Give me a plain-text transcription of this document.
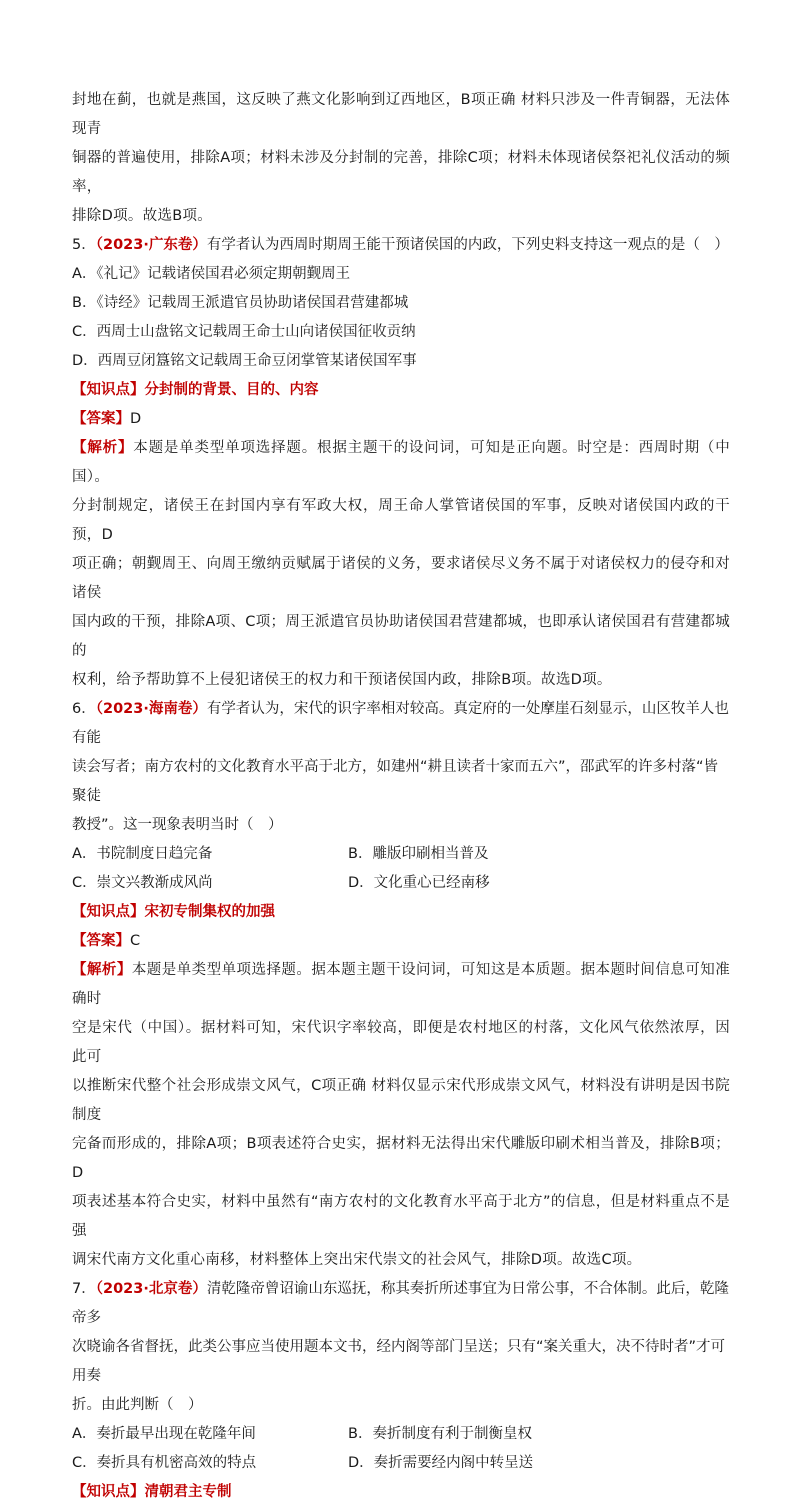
封地在蓟，也就是燕国，这反映了燕文化影响到辽西地区，B项正确 材料只涉及一件青铜器，无法体现青

铜器的普遍使用，排除A项；材料未涉及分封制的完善，排除C项；材料未体现诸侯祭祀礼仪活动的频率，

排除D项。故选B项。

5．（2023·广东卷）有学者认为西周时期周王能干预诸侯国的内政，下列史料支持这一观点的是（　）

A．《礼记》记载诸侯国君必须定期朝觐周王

B．《诗经》记载周王派遣官员协助诸侯国君营建都城

C．西周士山盘铭文记载周王命士山向诸侯国征收贡纳

D．西周豆闭簋铭文记载周王命豆闭掌管某诸侯国军事

【知识点】分封制的背景、目的、内容

【答案】D

【解析】本题是单类型单项选择题。根据主题干的设问词，可知是正向题。时空是：西周时期（中国）。

分封制规定，诸侯王在封国内享有军政大权，周王命人掌管诸侯国的军事，反映对诸侯国内政的干预，D

项正确；朝觐周王、向周王缴纳贡赋属于诸侯的义务，要求诸侯尽义务不属于对诸侯权力的侵夺和对诸侯

国内政的干预，排除A项、C项；周王派遣官员协助诸侯国君营建都城，也即承认诸侯国君有营建都城的

权利，给予帮助算不上侵犯诸侯王的权力和干预诸侯国内政，排除B项。故选D项。

6．（2023·海南卷）有学者认为，宋代的识字率相对较高。真定府的一处摩崖石刻显示，山区牧羊人也有能

读会写者；南方农村的文化教育水平高于北方，如建州“耕且读者十家而五六”，邵武军的许多村落“皆聚徒

教授”。这一现象表明当时（　）

A．书院制度日趋完备	B．雕版印刷相当普及
C．崇文兴教渐成风尚	D．文化重心已经南移

【知识点】宋初专制集权的加强

【答案】C

【解析】本题是单类型单项选择题。据本题主题干设问词，可知这是本质题。据本题时间信息可知准确时

空是宋代（中国）。据材料可知，宋代识字率较高，即便是农村地区的村落，文化风气依然浓厚，因此可

以推断宋代整个社会形成崇文风气，C项正确 材料仅显示宋代形成崇文风气，材料没有讲明是因书院制度

完备而形成的，排除A项；B项表述符合史实，据材料无法得出宋代雕版印刷术相当普及，排除B项；D

项表述基本符合史实，材料中虽然有“南方农村的文化教育水平高于北方”的信息，但是材料重点不是强

调宋代南方文化重心南移，材料整体上突出宋代崇文的社会风气，排除D项。故选C项。

7．（2023·北京卷）清乾隆帝曾诏谕山东巡抚，称其奏折所述事宜为日常公事，不合体制。此后，乾隆帝多

次晓谕各省督抚，此类公事应当使用题本文书，经内阁等部门呈送；只有“案关重大，决不待时者”才可用奏

折。由此判断（　）

A．奏折最早出现在乾隆年间	B．奏折制度有利于制衡皇权
C．奏折具有机密高效的特点	D．奏折需要经内阁中转呈送

【知识点】清朝君主专制
